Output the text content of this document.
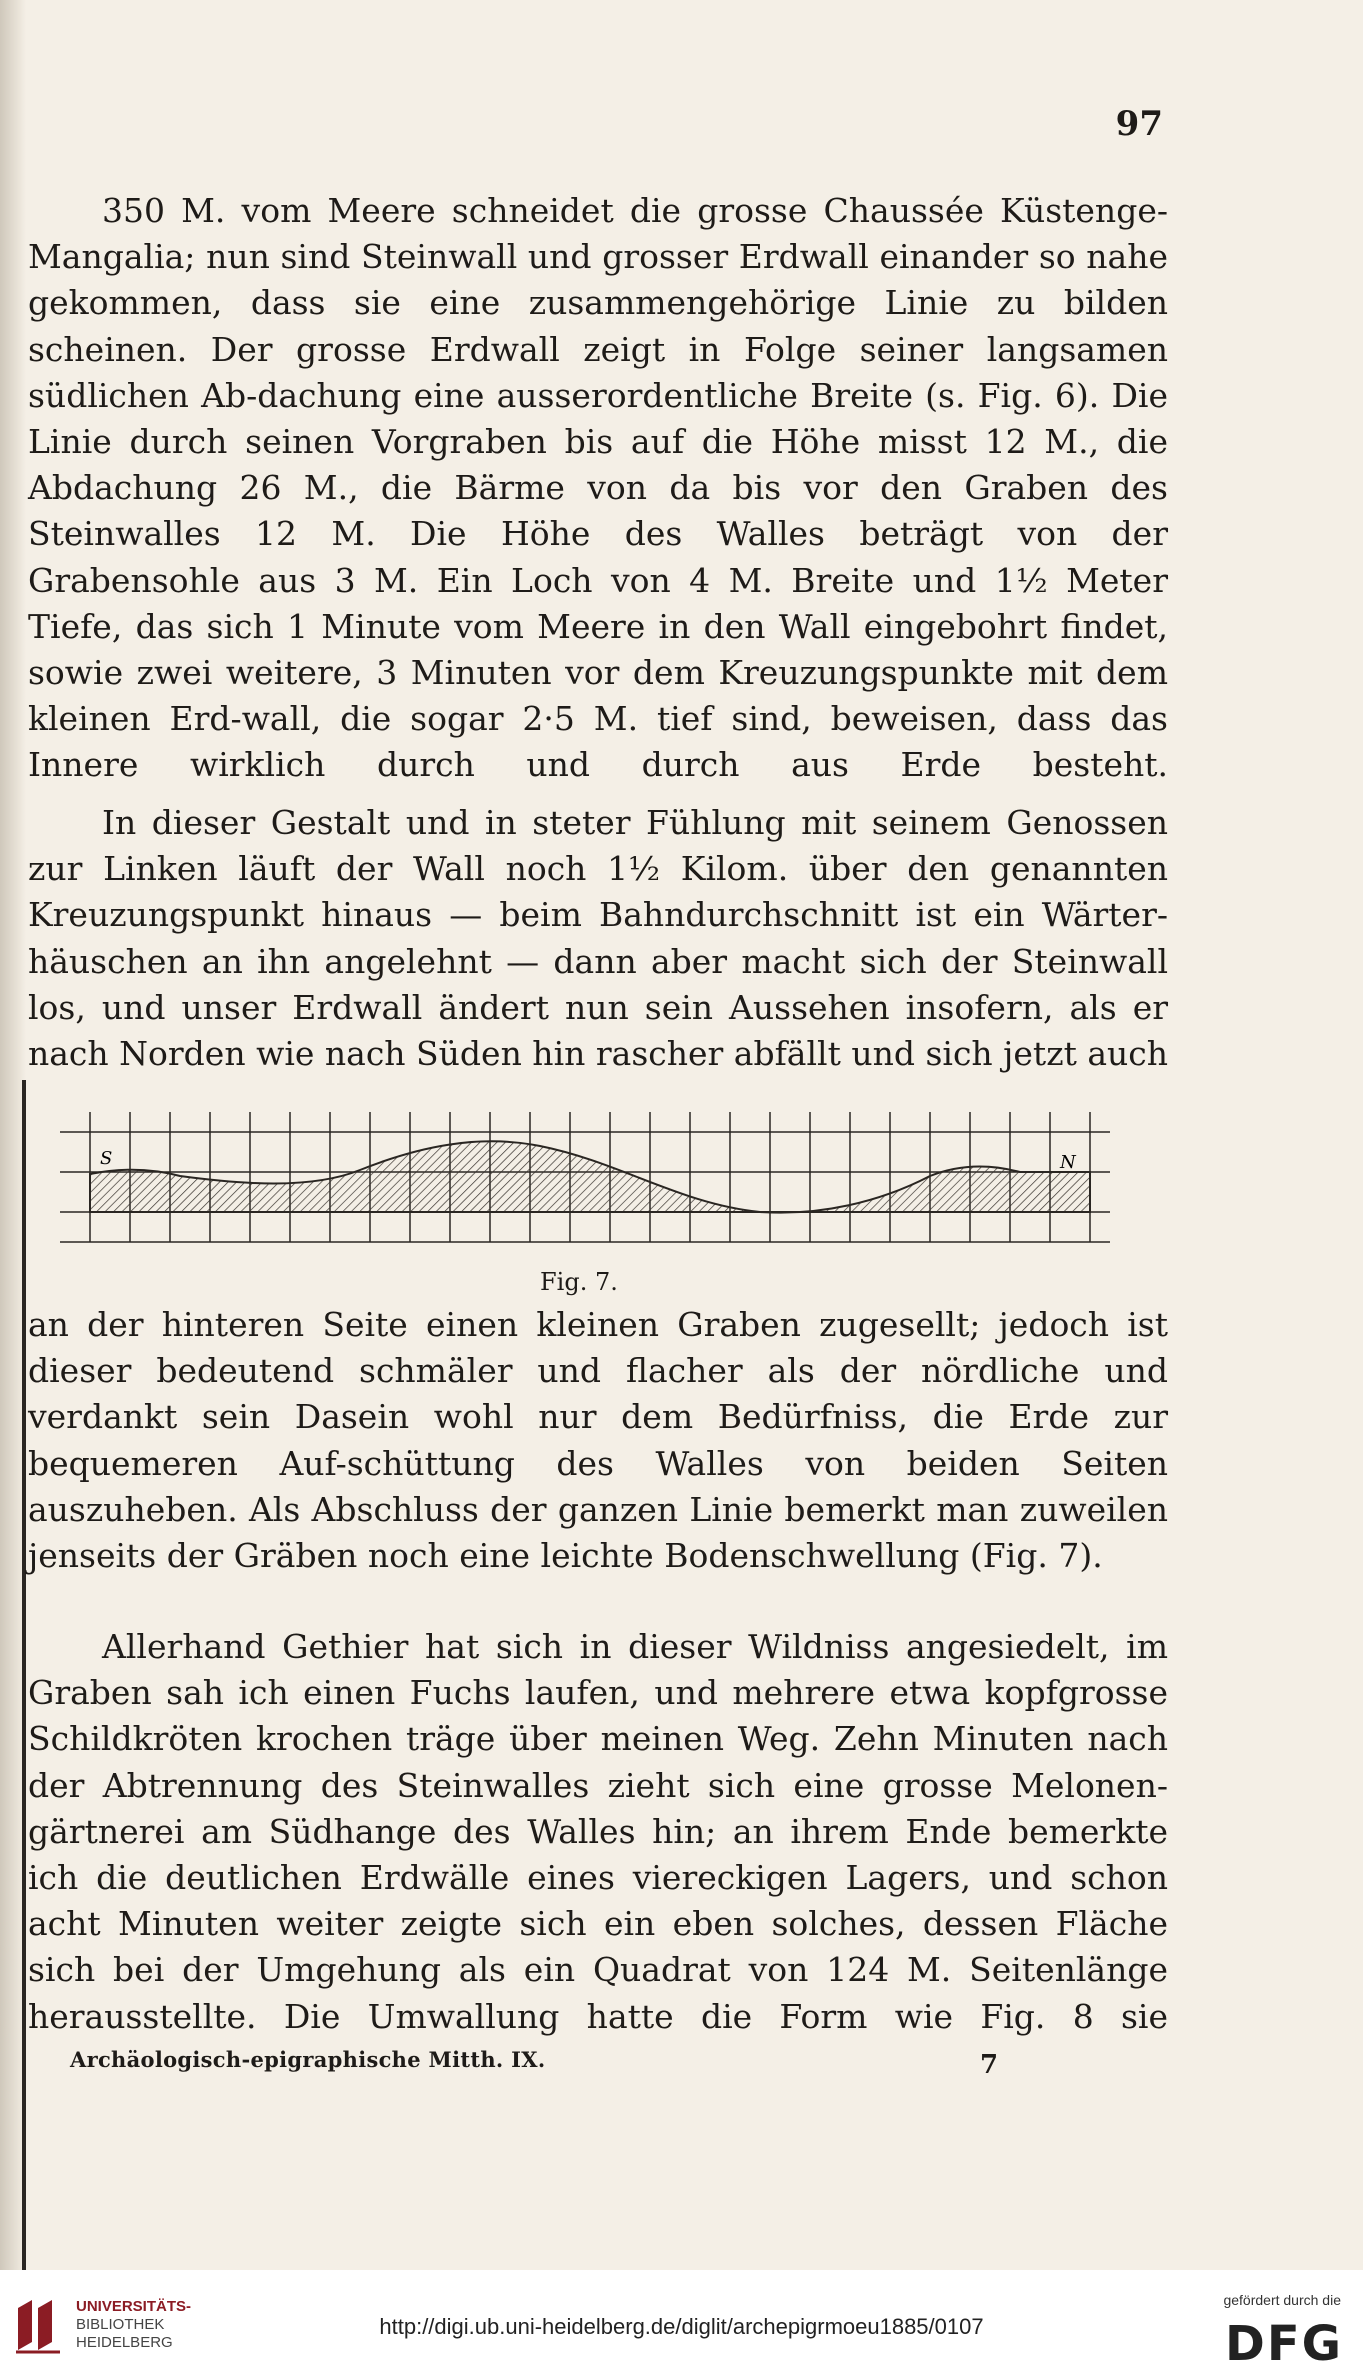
97

350 M. vom Meere schneidet die grosse Chaussée Küstenge-Mangalia; nun sind Steinwall und grosser Erdwall einander so nahe gekommen, dass sie eine zusammengehörige Linie zu bilden scheinen. Der grosse Erdwall zeigt in Folge seiner langsamen südlichen Ab-dachung eine ausserordentliche Breite (s. Fig. 6). Die Linie durch seinen Vorgraben bis auf die Höhe misst 12 M., die Abdachung 26 M., die Bärme von da bis vor den Graben des Steinwalles 12 M. Die Höhe des Walles beträgt von der Grabensohle aus 3 M. Ein Loch von 4 M. Breite und 1½ Meter Tiefe, das sich 1 Minute vom Meere in den Wall eingebohrt findet, sowie zwei weitere, 3 Minuten vor dem Kreuzungspunkte mit dem kleinen Erd-wall, die sogar 2·5 M. tief sind, beweisen, dass das Innere wirklich durch und durch aus Erde besteht.

In dieser Gestalt und in steter Fühlung mit seinem Genossen zur Linken läuft der Wall noch 1½ Kilom. über den genannten Kreuzungspunkt hinaus — beim Bahndurchschnitt ist ein Wärter-häuschen an ihn angelehnt — dann aber macht sich der Steinwall los, und unser Erdwall ändert nun sein Aussehen insofern, als er nach Norden wie nach Süden hin rascher abfällt und sich jetzt auch

S	N
Fig. 7.

an der hinteren Seite einen kleinen Graben zugesellt; jedoch ist dieser bedeutend schmäler und flacher als der nördliche und verdankt sein Dasein wohl nur dem Bedürfniss, die Erde zur bequemeren Auf-schüttung des Walles von beiden Seiten auszuheben. Als Abschluss der ganzen Linie bemerkt man zuweilen jenseits der Gräben noch eine leichte Bodenschwellung (Fig. 7).

Allerhand Gethier hat sich in dieser Wildniss angesiedelt, im Graben sah ich einen Fuchs laufen, und mehrere etwa kopfgrosse Schildkröten krochen träge über meinen Weg. Zehn Minuten nach der Abtrennung des Steinwalles zieht sich eine grosse Melonen-gärtnerei am Südhange des Walles hin; an ihrem Ende bemerkte ich die deutlichen Erdwälle eines viereckigen Lagers, und schon acht Minuten weiter zeigte sich ein eben solches, dessen Fläche sich bei der Umgehung als ein Quadrat von 124 M. Seitenlänge herausstellte. Die Umwallung hatte die Form wie Fig. 8 sie

Archäologisch-epigraphische Mitth. IX.	7
UNIVERSITÄTS-
BIBLIOTHEK
HEIDELBERG
http://digi.ub.uni-heidelberg.de/diglit/archepigrmoeu1885/0107
gefördert durch die
DFG
